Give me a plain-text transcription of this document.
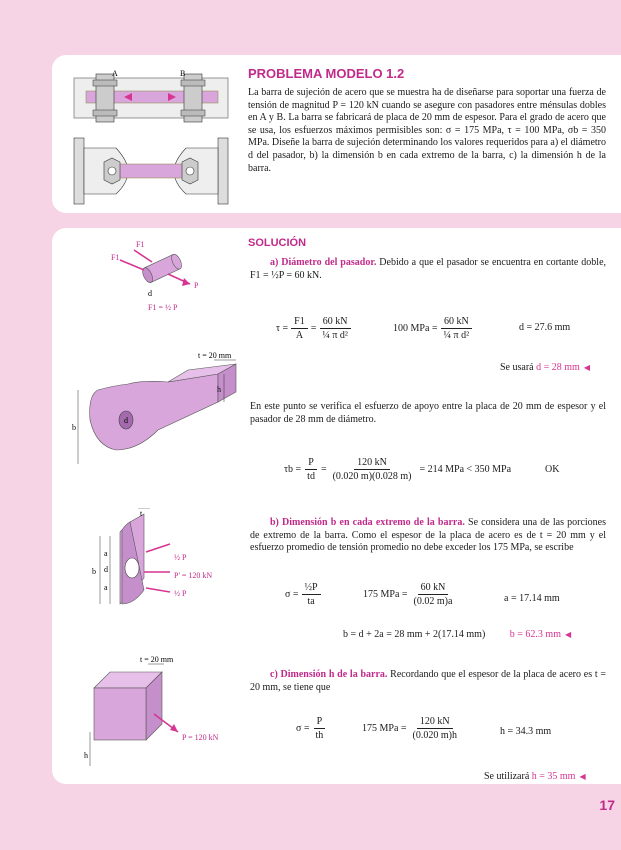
A	B	PROBLEMA MODELO 1.2
La barra de sujeción de acero que se muestra ha de diseñarse para soportar una fuerza de tensión de magnitud P = 120 kN cuando se asegure con pasadores entre ménsulas dobles en A y B. La barra se fabricará de placa de 20 mm de espesor. Para el grado de acero que se usa, los esfuerzos máximos permisibles son: σ = 175 MPa, τ = 100 MPa, σb = 350 MPa. Diseñe la barra de sujeción determinando los valores requeridos para a) el diámetro d del pasador, b) la dimensión b en cada extremo de la barra, c) la dimensión h de la barra.
SOLUCIÓN
F1
F1
d
P
F1 = ½ P
a) Diámetro del pasador. Debido a que el pasador se encuentra en cortante doble, F1 = ½P = 60 kN.
$\tau = \frac{F1}{A} = \frac{60 kN}{\text{¼ π d²}}$	100 MPa = $\frac{60 kN}{\text{¼ π d²}}$	d = 27.6 mm
Se usará d = 28 mm ◀
t = 20 mm
h
b
d
En este punto se verifica el esfuerzo de apoyo entre la placa de 20 mm de espesor y el pasador de 28 mm de diámetro.
$\tau b = \frac{P}{td} = \frac{120 kN}{(0.020 m)(0.028 m)} = 214$ MPa < 350 MPa	OK
t
a
d
a
b
½ P
P' = 120 kN
½ P
b) Dimensión b en cada extremo de la barra. Se considera una de las porciones de extremo de la barra. Como el espesor de la placa de acero es de t = 20 mm y el esfuerzo promedio de tensión promedio no debe exceder los 175 MPa, se escribe
$\sigma = \frac{\text{½P}}{ta}$	175 MPa = $\frac{60 kN}{(0.02 m)a}$	a = 17.14 mm
b = d + 2a = 28 mm + 2(17.14 mm) b = 62.3 mm ◀
t = 20 mm
P = 120 kN
h
c) Dimensión h de la barra. Recordando que el espesor de la placa de acero es t = 20 mm, se tiene que
$\sigma = \frac{P}{th}$	175 MPa = $\frac{120 kN}{(0.020 m)h}$	h = 34.3 mm
Se utilizará h = 35 mm ◀
17
